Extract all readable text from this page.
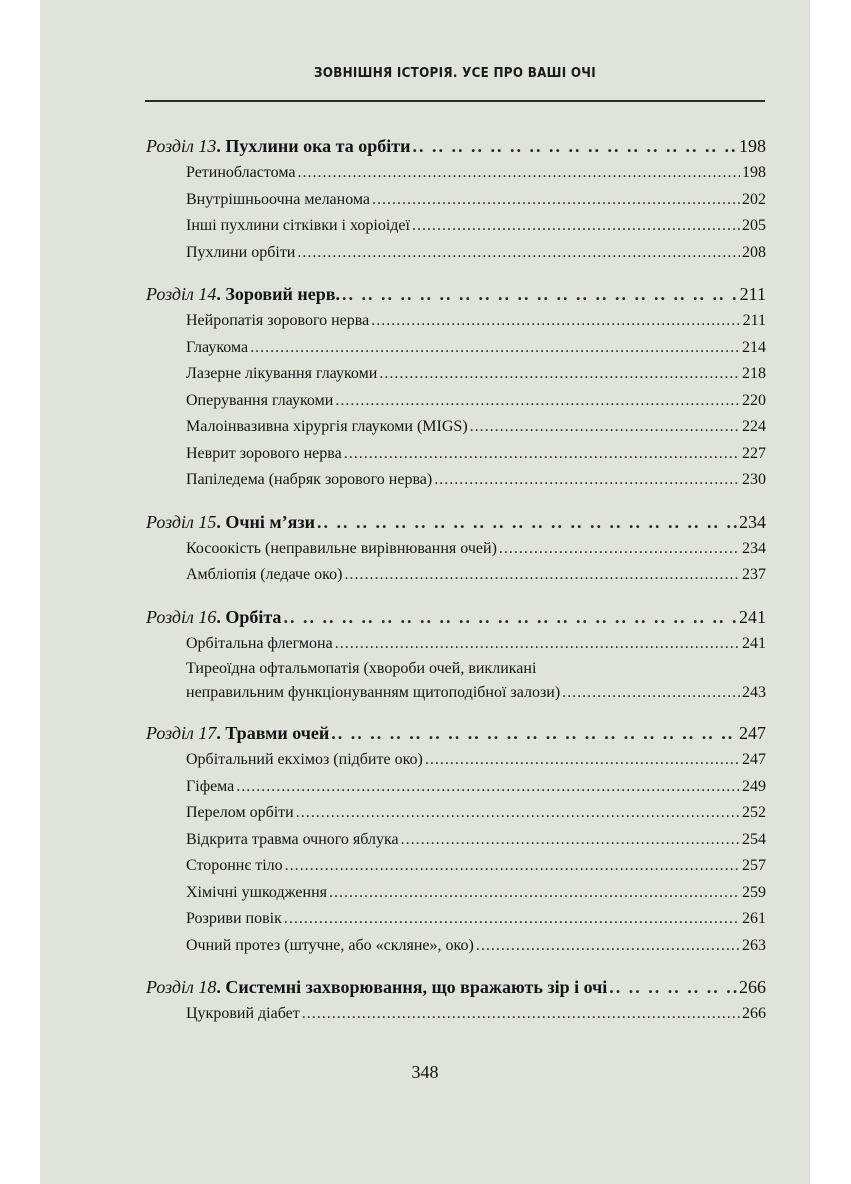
ЗОВНІШНЯ ІСТОРІЯ. УСЕ ПРО ВАШІ ОЧІ
Розділ 13 . Пухлини ока та орбіти .. ..	198
Ретинобластома .....	198
Внутрішньоочна меланома .....	202
Інші пухлини сітківки і хоріоідеї .....	205
Пухлини орбіти .....	208
Розділ 14 . Зоровий нерв. .. ..	211
Нейропатія зорового нерва .....	211
Глаукома .....	214
Лазерне лікування глаукоми .....	218
Оперування глаукоми .....	220
Малоінвазивна хірургія глаукоми (MIGS) .....	224
Неврит зорового нерва .....	227
Папіледема (набряк зорового нерва) .....	230
Розділ 15 . Очні м’язи .. ..	234
Косоокість (неправильне вирівнювання очей) .....	234
Амбліопія (ледаче око) .....	237
Розділ 16 . Орбіта .. ..	241
Орбітальна флегмона .....	241
Тиреоїдна офтальмопатія (хвороби очей, викликані
неправильним функціонуванням щитоподібної залози) .....	243
Розділ 17 . Травми очей .. ..	247
Орбітальний екхімоз (підбите око) .....	247
Гіфема .....	249
Перелом орбіти .....	252
Відкрита травма очного яблука .....	254
Стороннє тіло .....	257
Хімічні ушкодження .....	259
Розриви повік .....	261
Очний протез (штучне, або «скляне», око) .....	263
Розділ 18 . Системні захворювання, що вражають зір і очі .. ..	266
Цукровий діабет .....	266
348
